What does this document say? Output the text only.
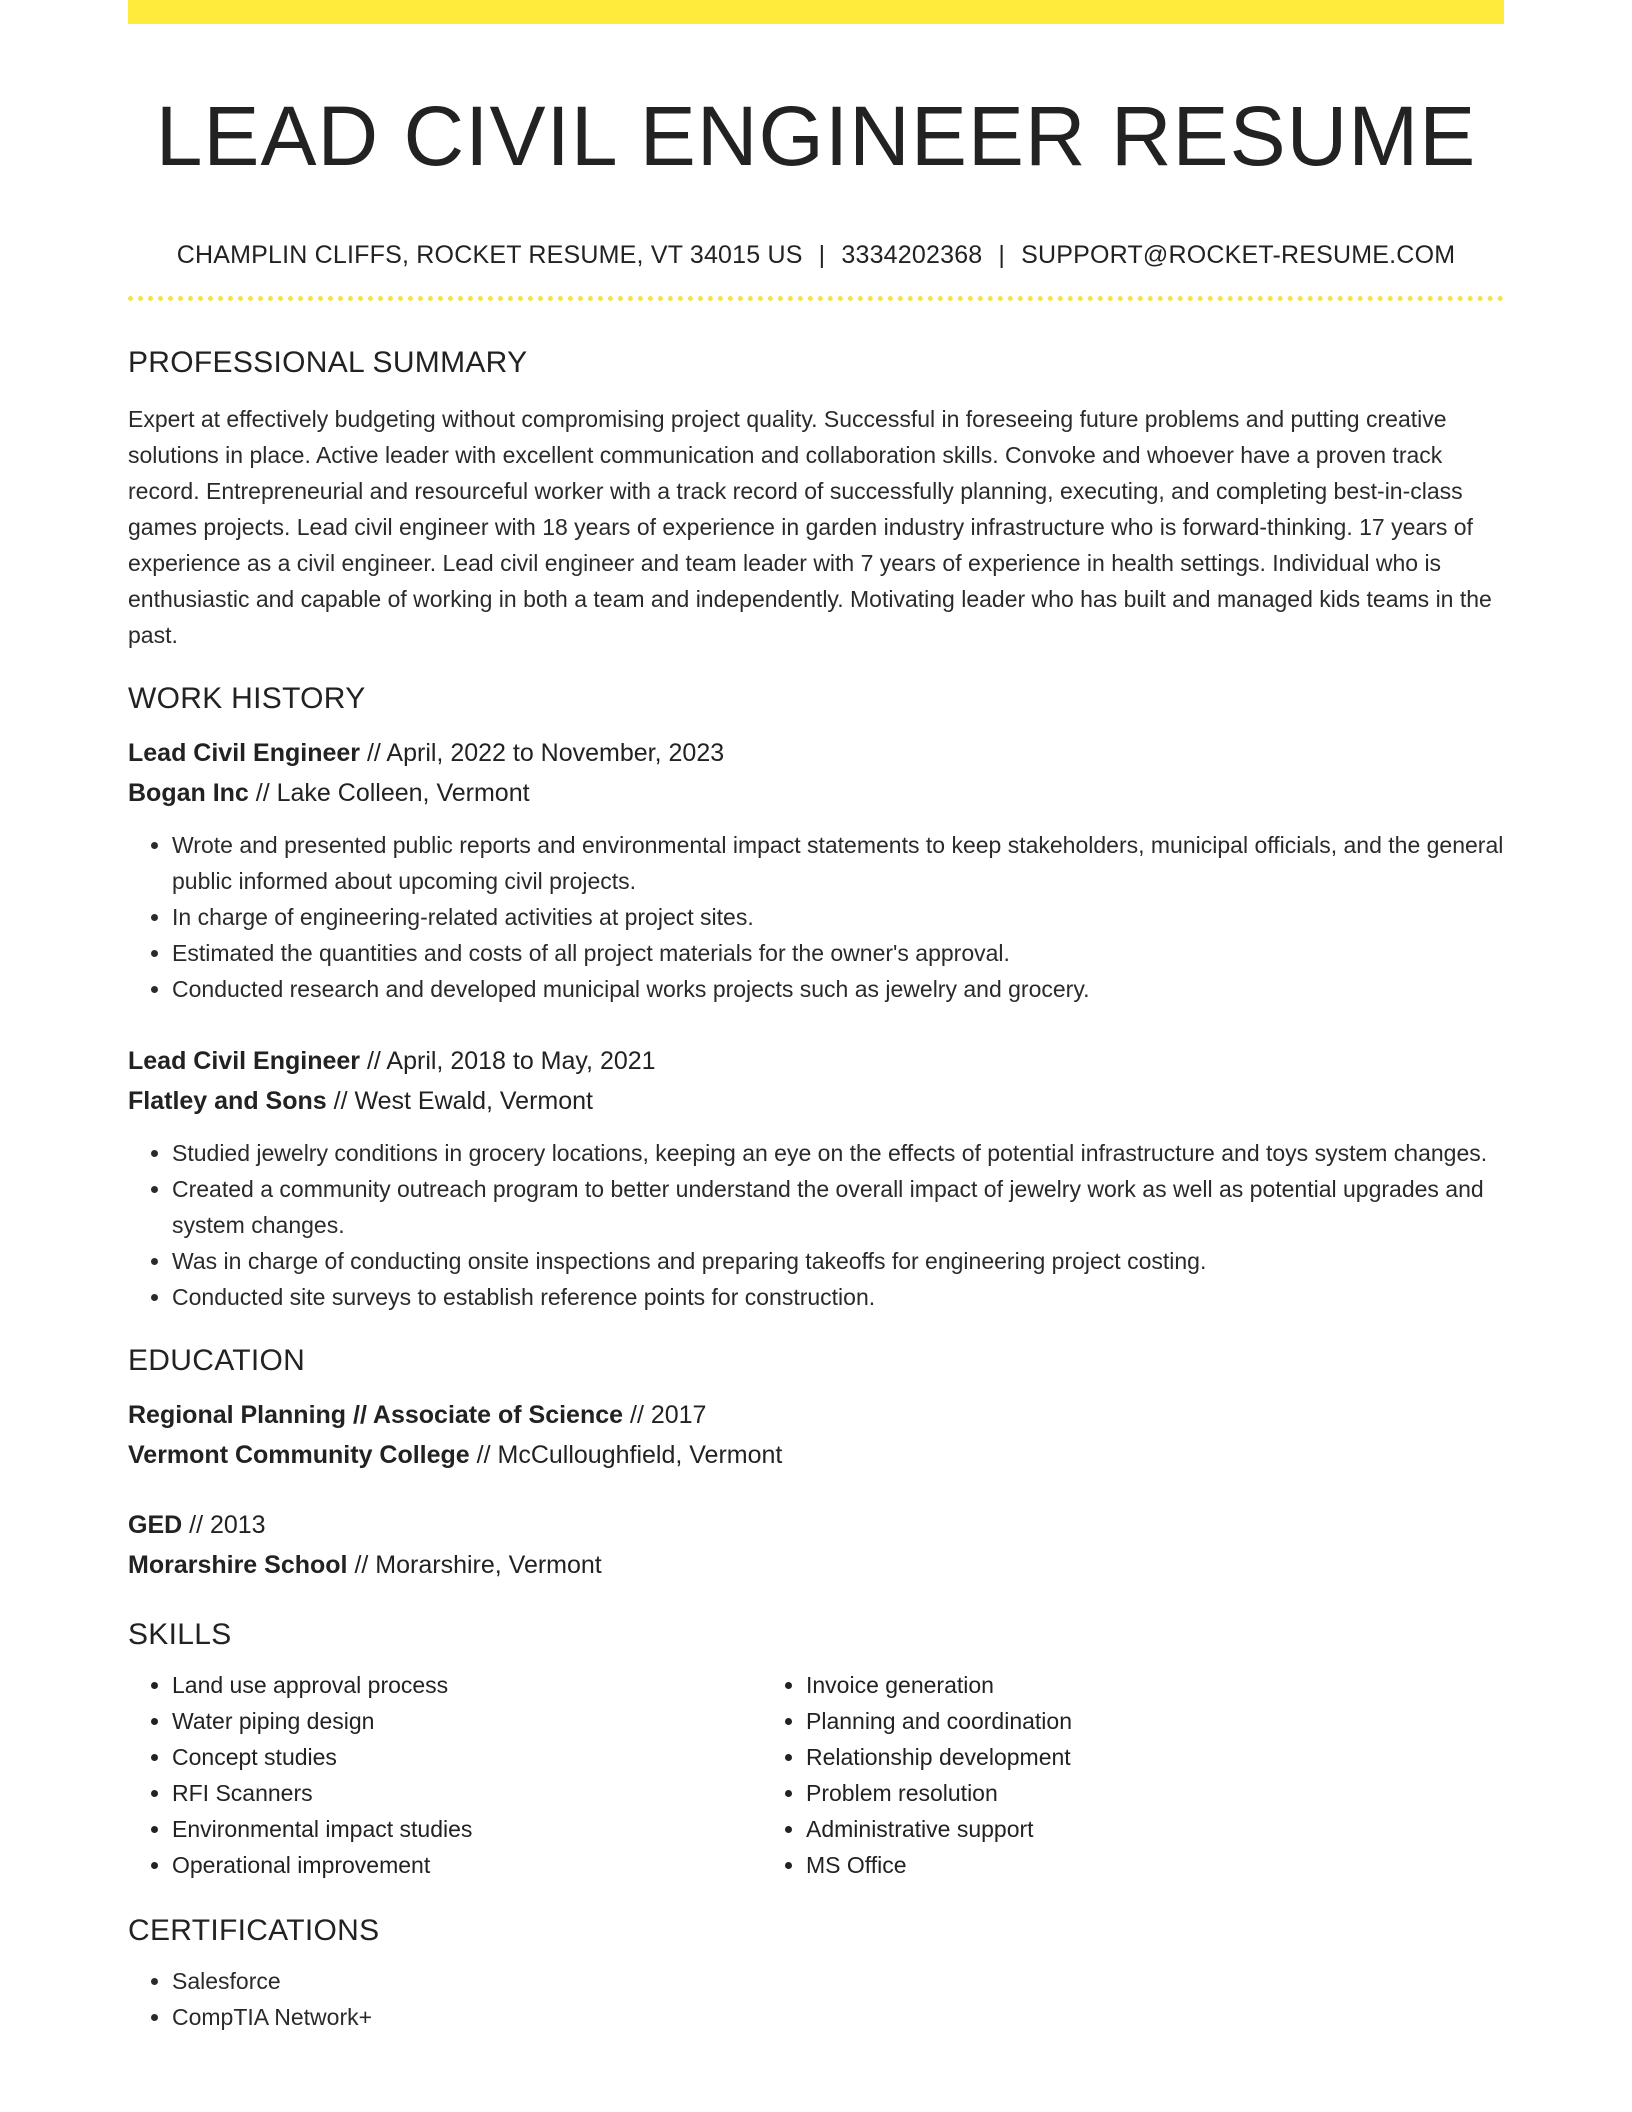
LEAD CIVIL ENGINEER RESUME
CHAMPLIN CLIFFS, ROCKET RESUME, VT 34015 US | 3334202368 | SUPPORT@ROCKET-RESUME.COM
PROFESSIONAL SUMMARY

Expert at effectively budgeting without compromising project quality. Successful in foreseeing future problems and putting creative solutions in place. Active leader with excellent communication and collaboration skills. Convoke and whoever have a proven track record. Entrepreneurial and resourceful worker with a track record of successfully planning, executing, and completing best-in-class games projects. Lead civil engineer with 18 years of experience in garden industry infrastructure who is forward-thinking. 17 years of experience as a civil engineer. Lead civil engineer and team leader with 7 years of experience in health settings. Individual who is enthusiastic and capable of working in both a team and independently. Motivating leader who has built and managed kids teams in the past.

WORK HISTORY
Lead Civil Engineer // April, 2022 to November, 2023
Bogan Inc // Lake Colleen, Vermont
• Wrote and presented public reports and environmental impact statements to keep stakeholders, municipal officials, and the general public informed about upcoming civil projects.
• In charge of engineering-related activities at project sites.
• Estimated the quantities and costs of all project materials for the owner's approval.
• Conducted research and developed municipal works projects such as jewelry and grocery.
Lead Civil Engineer // April, 2018 to May, 2021
Flatley and Sons // West Ewald, Vermont
• Studied jewelry conditions in grocery locations, keeping an eye on the effects of potential infrastructure and toys system changes.
• Created a community outreach program to better understand the overall impact of jewelry work as well as potential upgrades and system changes.
• Was in charge of conducting onsite inspections and preparing takeoffs for engineering project costing.
• Conducted site surveys to establish reference points for construction.
EDUCATION
Regional Planning // Associate of Science // 2017
Vermont Community College // McCulloughfield, Vermont
GED // 2013
Morarshire School // Morarshire, Vermont
SKILLS
• Land use approval process
• Water piping design
• Concept studies
• RFI Scanners
• Environmental impact studies
• Operational improvement
• Invoice generation
• Planning and coordination
• Relationship development
• Problem resolution
• Administrative support
• MS Office
CERTIFICATIONS
• Salesforce
• CompTIA Network+
